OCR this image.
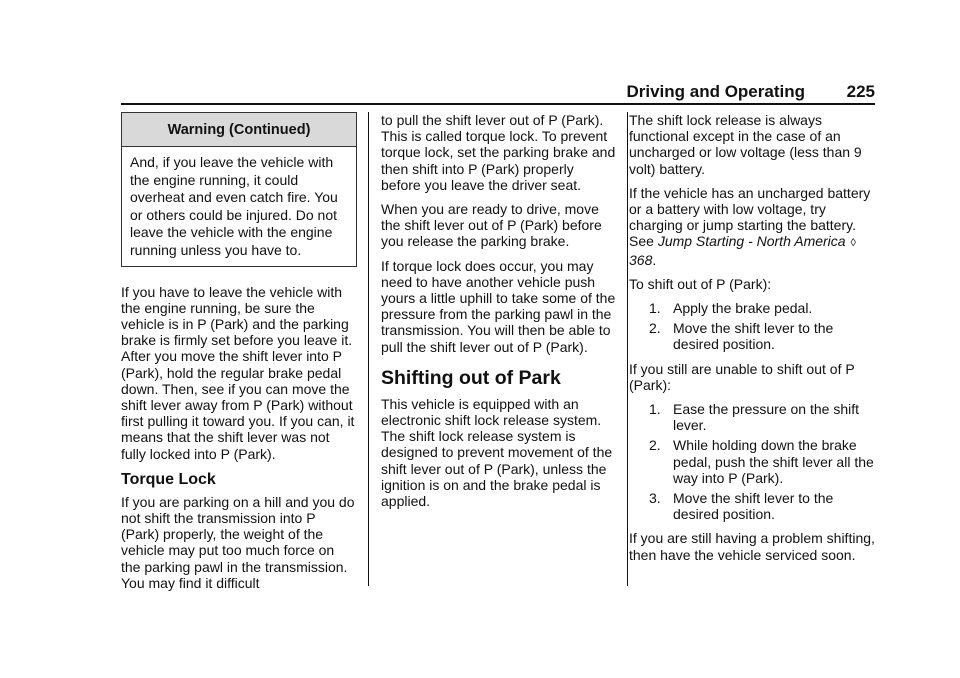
Driving and Operating 225
Warning (Continued)
And, if you leave the vehicle with the engine running, it could overheat and even catch fire. You or others could be injured. Do not leave the vehicle with the engine running unless you have to.

If you have to leave the vehicle with the engine running, be sure the vehicle is in P (Park) and the parking brake is firmly set before you leave it. After you move the shift lever into P (Park), hold the regular brake pedal down. Then, see if you can move the shift lever away from P (Park) without first pulling it toward you. If you can, it means that the shift lever was not fully locked into P (Park).

Torque Lock

If you are parking on a hill and you do not shift the transmission into P (Park) properly, the weight of the vehicle may put too much force on the parking pawl in the transmission. You may find it difficult

to pull the shift lever out of P (Park). This is called torque lock. To prevent torque lock, set the parking brake and then shift into P (Park) properly before you leave the driver seat.

When you are ready to drive, move the shift lever out of P (Park) before you release the parking brake.

If torque lock does occur, you may need to have another vehicle push yours a little uphill to take some of the pressure from the parking pawl in the transmission. You will then be able to pull the shift lever out of P (Park).

Shifting out of Park

This vehicle is equipped with an electronic shift lock release system. The shift lock release system is designed to prevent movement of the shift lever out of P (Park), unless the ignition is on and the brake pedal is applied.

The shift lock release is always functional except in the case of an uncharged or low voltage (less than 9 volt) battery.

If the vehicle has an uncharged battery or a battery with low voltage, try charging or jump starting the battery. See Jump Starting - North America ◊368.

To shift out of P (Park):

1. Apply the brake pedal.
2. Move the shift lever to the desired position.

If you still are unable to shift out of P (Park):

1. Ease the pressure on the shift lever.
2. While holding down the brake pedal, push the shift lever all the way into P (Park).
3. Move the shift lever to the desired position.

If you are still having a problem shifting, then have the vehicle serviced soon.
